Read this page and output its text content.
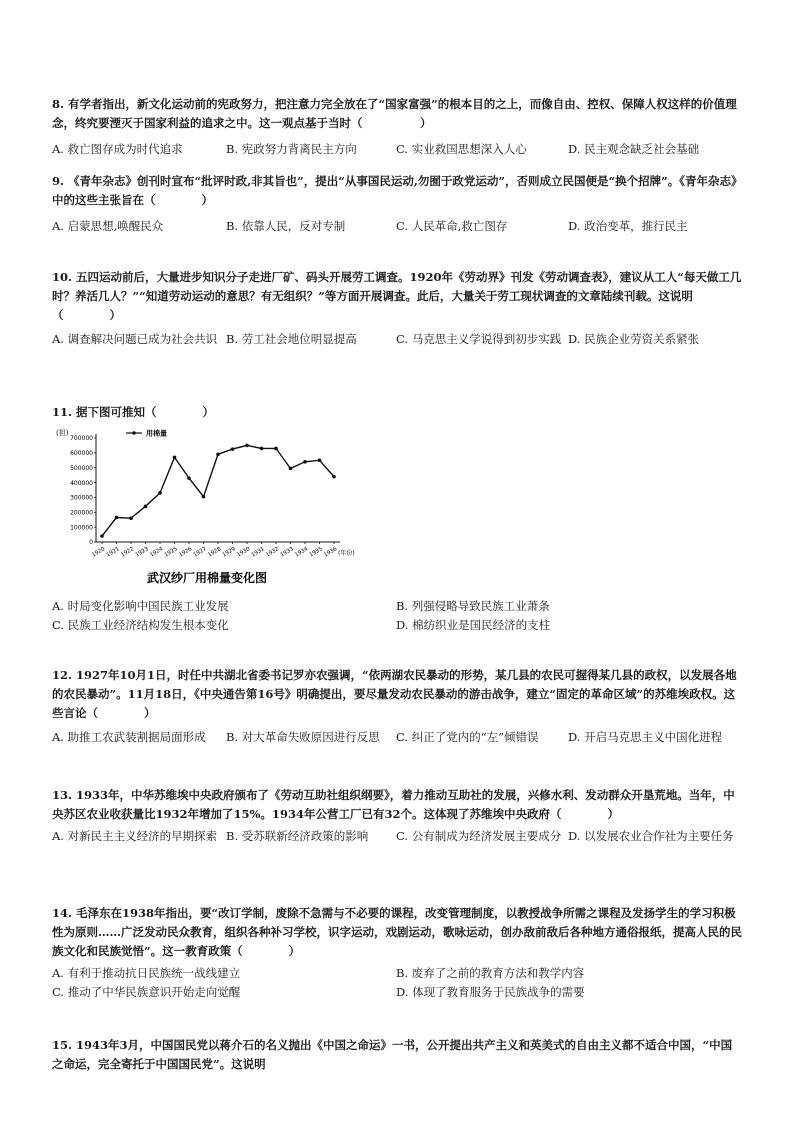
8. 有学者指出，新文化运动前的宪政努力，把注意力完全放在了“国家富强”的根本目的之上，而像自由、控权、保障人权这样的价值理念，终究要湮灭于国家利益的追求之中。这一观点基于当时（　　　　　）

A. 救亡图存成为时代追求	B. 宪政努力背离民主方向	C. 实业救国思想深入人心	D. 民主观念缺乏社会基础

9. 《青年杂志》创刊时宣布“批评时政,非其旨也”，提出“从事国民运动,勿囿于政党运动”，否则成立民国便是“换个招牌”。《青年杂志》中的这些主张旨在（　　　　）

A. 启蒙思想,唤醒民众	B. 依靠人民，反对专制	C. 人民革命,救亡图存	D. 政治变革，推行民主

10. 五四运动前后，大量进步知识分子走进厂矿、码头开展劳工调查。1920年《劳动界》刊发《劳动调查表》，建议从工人“每天做工几时？养活几人？”“知道劳动运动的意思？有无组织？”等方面开展调查。此后，大量关于劳工现状调查的文章陆续刊载。这说明（　　　　）

A. 调查解决问题已成为社会共识 B. 劳工社会地位明显提高	C. 马克思主义学说得到初步实践 D. 民族企业劳资关系紧张

11. 据下图可推知（　　　　）

0
100000
200000
300000
400000
500000
600000
700000
1920 1921 1922 1923 1924 1925 1926 1927 1928 1929 1930 1931 1932 1933 1934 1935 1936
(担)
(年份)
用棉量
武汉纱厂用棉量变化图
A. 时局变化影响中国民族工业发展	B. 列强侵略导致民族工业萧条
C. 民族工业经济结构发生根本变化	D. 棉纺织业是国民经济的支柱

12. 1927年10月1日，时任中共湖北省委书记罗亦农强调，“依两湖农民暴动的形势，某几县的农民可握得某几县的政权，以发展各地的农民暴动”。11月18日，《中央通告第16号》明确提出，要尽量发动农民暴动的游击战争，建立“固定的革命区域”的苏维埃政权。这些言论（　　　　）

A. 助推工农武装割据局面形成 B. 对大革命失败原因进行反思 C. 纠正了党内的“左”倾错误	D. 开启马克思主义中国化进程

13. 1933年，中华苏维埃中央政府颁布了《劳动互助社组织纲要》，着力推动互助社的发展，兴修水利、发动群众开垦荒地。当年，中央苏区农业收获量比1932年增加了15%。1934年公营工厂已有32个。这体现了苏维埃中央政府（　　　　）

A. 对新民主主义经济的早期探索 B. 受苏联新经济政策的影响 C. 公有制成为经济发展主要成分 D. 以发展农业合作社为主要任务

14. 毛泽东在1938年指出，要“改订学制，废除不急需与不必要的课程，改变管理制度，以教授战争所需之课程及发扬学生的学习积极性为原则……广泛发动民众教育，组织各种补习学校，识字运动，戏剧运动，歌咏运动，创办敌前敌后各种地方通俗报纸，提高人民的民族文化和民族觉悟”。这一教育政策（　　　　）

A. 有利于推动抗日民族统一战线建立	B. 废弃了之前的教育方法和教学内容
C. 推动了中华民族意识开始走向觉醒	D. 体现了教育服务于民族战争的需要

15. 1943年3月，中国国民党以蒋介石的名义抛出《中国之命运》一书，公开提出共产主义和英美式的自由主义都不适合中国，“中国之命运，完全寄托于中国国民党”。这说明
